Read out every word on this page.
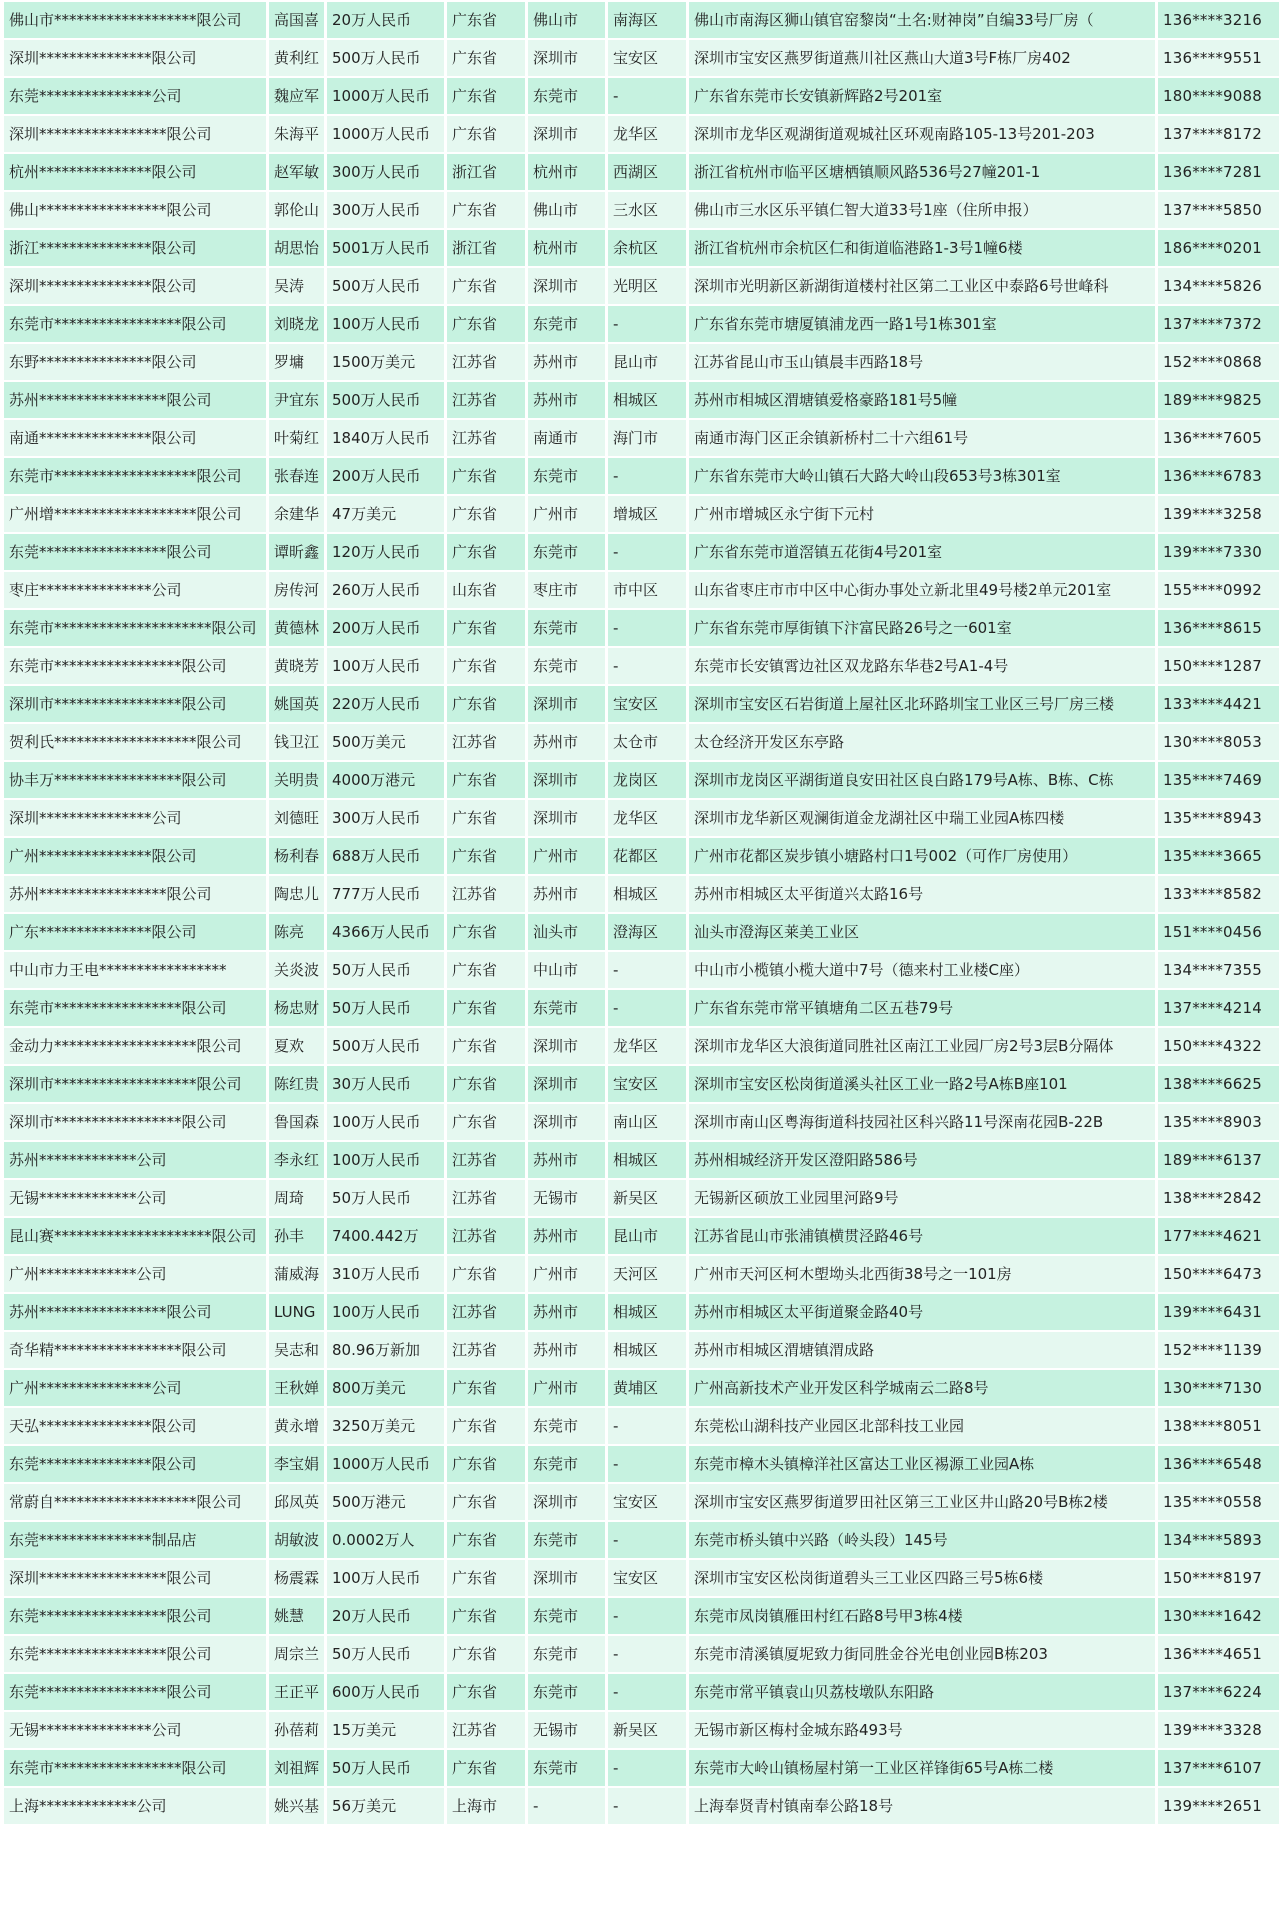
佛山市*******************限公司	高国喜	20万人民币	广东省	佛山市	南海区	佛山市南海区狮山镇官窑黎岗“土名:财神岗”自编33号厂房（	136****3216
深圳***************限公司	黄利红	500万人民币	广东省	深圳市	宝安区	深圳市宝安区燕罗街道燕川社区燕山大道3号F栋厂房402	136****9551
东莞***************公司	魏应军	1000万人民币	广东省	东莞市	-	广东省东莞市长安镇新辉路2号201室	180****9088
深圳*****************限公司	朱海平	1000万人民币	广东省	深圳市	龙华区	深圳市龙华区观湖街道观城社区环观南路105-13号201-203	137****8172
杭州***************限公司	赵军敏	300万人民币	浙江省	杭州市	西湖区	浙江省杭州市临平区塘栖镇顺风路536号27幢201-1	136****7281
佛山*****************限公司	郭伦山	300万人民币	广东省	佛山市	三水区	佛山市三水区乐平镇仁智大道33号1座（住所申报）	137****5850
浙江***************限公司	胡思怡	5001万人民币	浙江省	杭州市	余杭区	浙江省杭州市余杭区仁和街道临港路1-3号1幢6楼	186****0201
深圳***************限公司	吴涛	500万人民币	广东省	深圳市	光明区	深圳市光明新区新湖街道楼村社区第二工业区中泰路6号世峰科	134****5826
东莞市*****************限公司	刘晓龙	100万人民币	广东省	东莞市	-	广东省东莞市塘厦镇浦龙西一路1号1栋301室	137****7372
东野***************限公司	罗墉	1500万美元	江苏省	苏州市	昆山市	江苏省昆山市玉山镇晨丰西路18号	152****0868
苏州*****************限公司	尹宜东	500万人民币	江苏省	苏州市	相城区	苏州市相城区渭塘镇爱格豪路181号5幢	189****9825
南通***************限公司	叶菊红	1840万人民币	江苏省	南通市	海门市	南通市海门区正余镇新桥村二十六组61号	136****7605
东莞市*******************限公司	张春连	200万人民币	广东省	东莞市	-	广东省东莞市大岭山镇石大路大岭山段653号3栋301室	136****6783
广州增*******************限公司	余建华	47万美元	广东省	广州市	增城区	广州市增城区永宁街下元村	139****3258
东莞*****************限公司	谭昕鑫	120万人民币	广东省	东莞市	-	广东省东莞市道滘镇五花街4号201室	139****7330
枣庄***************公司	房传河	260万人民币	山东省	枣庄市	市中区	山东省枣庄市市中区中心街办事处立新北里49号楼2单元201室	155****0992
东莞市*********************限公司	黄德林	200万人民币	广东省	东莞市	-	广东省东莞市厚街镇下汴富民路26号之一601室	136****8615
东莞市*****************限公司	黄晓芳	100万人民币	广东省	东莞市	-	东莞市长安镇霄边社区双龙路东华巷2号A1-4号	150****1287
深圳市*****************限公司	姚国英	220万人民币	广东省	深圳市	宝安区	深圳市宝安区石岩街道上屋社区北环路圳宝工业区三号厂房三楼	133****4421
贺利氏*******************限公司	钱卫江	500万美元	江苏省	苏州市	太仓市	太仓经济开发区东亭路	130****8053
协丰万*****************限公司	关明贵	4000万港元	广东省	深圳市	龙岗区	深圳市龙岗区平湖街道良安田社区良白路179号A栋、B栋、C栋	135****7469
深圳***************公司	刘德旺	300万人民币	广东省	深圳市	龙华区	深圳市龙华新区观澜街道金龙湖社区中瑞工业园A栋四楼	135****8943
广州***************限公司	杨利春	688万人民币	广东省	广州市	花都区	广州市花都区炭步镇小塘路村口1号002（可作厂房使用）	135****3665
苏州*****************限公司	陶忠儿	777万人民币	江苏省	苏州市	相城区	苏州市相城区太平街道兴太路16号	133****8582
广东***************限公司	陈亮	4366万人民币	广东省	汕头市	澄海区	汕头市澄海区莱美工业区	151****0456
中山市力王电*****************	关炎波	50万人民币	广东省	中山市	-	中山市小榄镇小榄大道中7号（德来村工业楼C座）	134****7355
东莞市*****************限公司	杨忠财	50万人民币	广东省	东莞市	-	广东省东莞市常平镇塘角二区五巷79号	137****4214
金动力*******************限公司	夏欢	500万人民币	广东省	深圳市	龙华区	深圳市龙华区大浪街道同胜社区南江工业园厂房2号3层B分隔体	150****4322
深圳市*******************限公司	陈红贵	30万人民币	广东省	深圳市	宝安区	深圳市宝安区松岗街道溪头社区工业一路2号A栋B座101	138****6625
深圳市*****************限公司	鲁国森	100万人民币	广东省	深圳市	南山区	深圳市南山区粤海街道科技园社区科兴路11号深南花园B-22B	135****8903
苏州*************公司	李永红	100万人民币	江苏省	苏州市	相城区	苏州相城经济开发区澄阳路586号	189****6137
无锡*************公司	周琦	50万人民币	江苏省	无锡市	新吴区	无锡新区硕放工业园里河路9号	138****2842
昆山赛*********************限公司	孙丰	7400.442万	江苏省	苏州市	昆山市	江苏省昆山市张浦镇横贯泾路46号	177****4621
广州*************公司	蒲威海	310万人民币	广东省	广州市	天河区	广州市天河区柯木塱坳头北西街38号之一101房	150****6473
苏州*****************限公司	LUNG	100万人民币	江苏省	苏州市	相城区	苏州市相城区太平街道聚金路40号	139****6431
奇华精*****************限公司	吴志和	80.96万新加	江苏省	苏州市	相城区	苏州市相城区渭塘镇渭成路	152****1139
广州***************公司	王秋婵	800万美元	广东省	广州市	黄埔区	广州高新技术产业开发区科学城南云二路8号	130****7130
天弘***************限公司	黄永增	3250万美元	广东省	东莞市	-	东莞松山湖科技产业园区北部科技工业园	138****8051
东莞***************限公司	李宝娟	1000万人民币	广东省	东莞市	-	东莞市樟木头镇樟洋社区富达工业区裼源工业园A栋	136****6548
常蔚自*******************限公司	邱凤英	500万港元	广东省	深圳市	宝安区	深圳市宝安区燕罗街道罗田社区第三工业区井山路20号B栋2楼	135****0558
东莞***************制品店	胡敏波	0.0002万人	广东省	东莞市	-	东莞市桥头镇中兴路（岭头段）145号	134****5893
深圳*****************限公司	杨震霖	100万人民币	广东省	深圳市	宝安区	深圳市宝安区松岗街道碧头三工业区四路三号5栋6楼	150****8197
东莞*****************限公司	姚慧	20万人民币	广东省	东莞市	-	东莞市凤岗镇雁田村红石路8号甲3栋4楼	130****1642
东莞*****************限公司	周宗兰	50万人民币	广东省	东莞市	-	东莞市清溪镇厦坭致力街同胜金谷光电创业园B栋203	136****4651
东莞*****************限公司	王正平	600万人民币	广东省	东莞市	-	东莞市常平镇袁山贝荔枝墩队东阳路	137****6224
无锡***************公司	孙蓓莉	15万美元	江苏省	无锡市	新吴区	无锡市新区梅村金城东路493号	139****3328
东莞市*****************限公司	刘祖辉	50万人民币	广东省	东莞市	-	东莞市大岭山镇杨屋村第一工业区祥锋街65号A栋二楼	137****6107
上海*************公司	姚兴基	56万美元	上海市	-	-	上海奉贤青村镇南奉公路18号	139****2651
